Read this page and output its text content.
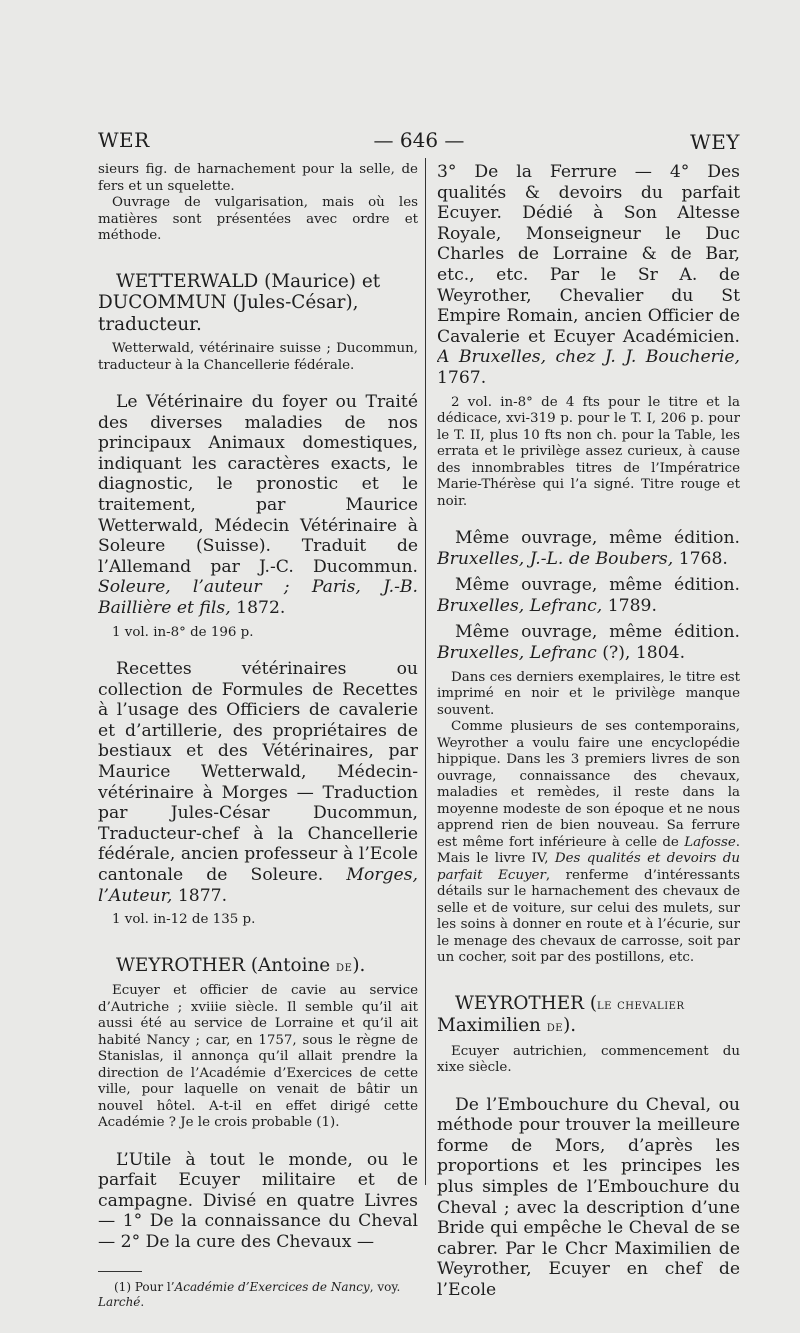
WER	— 646 —	WEY

sieurs fig. de harnachement pour la selle, de fers et un squelette.

Ouvrage de vulgarisation, mais où les matières sont présentées avec ordre et méthode.

WETTERWALD (Maurice) et DUCOMMUN (Jules-César), traducteur.

Wetterwald, vétérinaire suisse ; Ducommun, traducteur à la Chancellerie fédérale.

Le Vétérinaire du foyer ou Traité des diverses maladies de nos principaux Animaux domestiques, indiquant les caractères exacts, le diagnostic, le pronostic et le traitement, par Maurice Wetterwald, Médecin Vétérinaire à Soleure (Suisse). Traduit de l’Allemand par J.-C. Ducommun. Soleure, l’auteur ; Paris, J.-B. Baillière et fils, 1872.

1 vol. in-8° de 196 p.

Recettes vétérinaires ou collection de Formules de Recettes à l’usage des Officiers de cavalerie et d’artillerie, des propriétaires de bestiaux et des Vétérinaires, par Maurice Wetterwald, Médecin-vétérinaire à Morges — Traduction par Jules-César Ducommun, Traducteur-chef à la Chancellerie fédérale, ancien professeur à l’Ecole cantonale de Soleure. Morges, l’Auteur, 1877.

1 vol. in-12 de 135 p.

WEYROTHER (Antoine de).

Ecuyer et officier de cavie au service d’Autriche ; xviiie siècle. Il semble qu’il ait aussi été au service de Lorraine et qu’il ait habité Nancy ; car, en 1757, sous le règne de Stanislas, il annonça qu’il allait prendre la direction de l’Académie d’Exercices de cette ville, pour laquelle on venait de bâtir un nouvel hôtel. A-t-il en effet dirigé cette Académie ? Je le crois probable (1).

L’Utile à tout le monde, ou le parfait Ecuyer militaire et de campagne. Divisé en quatre Livres — 1° De la connaissance du Cheval — 2° De la cure des Chevaux —

(1) Pour l’Académie d’Exercices de Nancy, voy. Larché.

3° De la Ferrure — 4° Des qualités & devoirs du parfait Ecuyer. Dédié à Son Altesse Royale, Monseigneur le Duc Charles de Lorraine & de Bar, etc., etc. Par le Sr A. de Weyrother, Chevalier du St Empire Romain, ancien Officier de Cavalerie et Ecuyer Académicien. A Bruxelles, chez J. J. Boucherie, 1767.

2 vol. in-8° de 4 fts pour le titre et la dédicace, xvi-319 p. pour le T. I, 206 p. pour le T. II, plus 10 fts non ch. pour la Table, les errata et le privilège assez curieux, à cause des innombrables titres de l’Impératrice Marie-Thérèse qui l’a signé. Titre rouge et noir.

Même ouvrage, même édition. Bruxelles, J.-L. de Boubers, 1768.

Même ouvrage, même édition. Bruxelles, Lefranc, 1789.

Même ouvrage, même édition. Bruxelles, Lefranc (?), 1804.

Dans ces derniers exemplaires, le titre est imprimé en noir et le privilège manque souvent.

Comme plusieurs de ses contemporains, Weyrother a voulu faire une encyclopédie hippique. Dans les 3 premiers livres de son ouvrage, connaissance des chevaux, maladies et remèdes, il reste dans la moyenne modeste de son époque et ne nous apprend rien de bien nouveau. Sa ferrure est même fort inférieure à celle de Lafosse. Mais le livre IV, Des qualités et devoirs du parfait Ecuyer, renferme d’intéressants détails sur le harnachement des chevaux de selle et de voiture, sur celui des mulets, sur les soins à donner en route et à l’écurie, sur le menage des chevaux de carrosse, soit par un cocher, soit par des postillons, etc.

WEYROTHER (le chevalier Maximilien de).

Ecuyer autrichien, commencement du xixe siècle.

De l’Embouchure du Cheval, ou méthode pour trouver la meilleure forme de Mors, d’après les proportions et les principes les plus simples de l’Embouchure du Cheval ; avec la description d’une Bride qui empêche le Cheval de se cabrer. Par le Chcr Maximilien de Weyrother, Ecuyer en chef de l’Ecole
